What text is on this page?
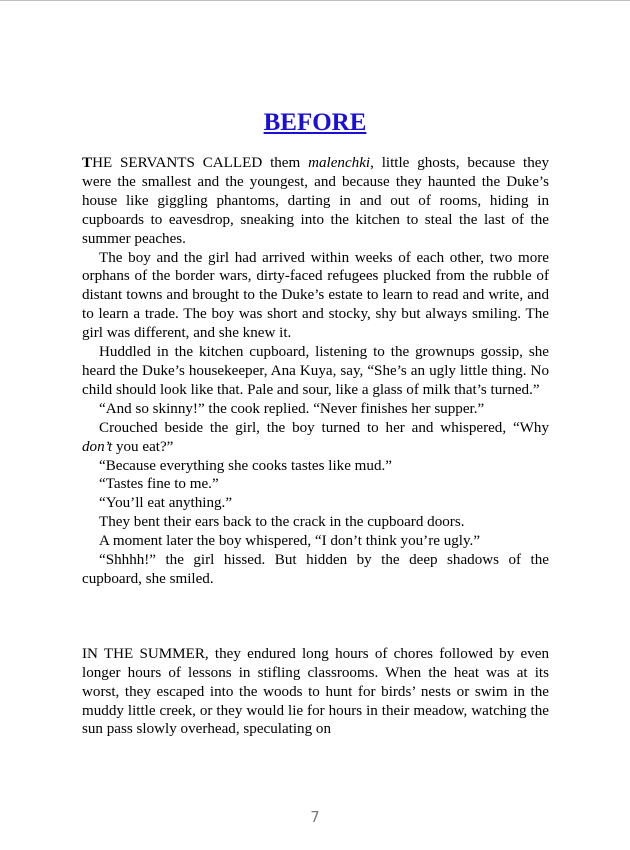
BEFORE

THE SERVANTS CALLED them malenchki, little ghosts, because they were the smallest and the youngest, and because they haunted the Duke’s house like giggling phantoms, darting in and out of rooms, hiding in cupboards to eavesdrop, sneaking into the kitchen to steal the last of the summer peaches.

The boy and the girl had arrived within weeks of each other, two more orphans of the border wars, dirty-faced refugees plucked from the rubble of distant towns and brought to the Duke’s estate to learn to read and write, and to learn a trade. The boy was short and stocky, shy but always smiling. The girl was different, and she knew it.

Huddled in the kitchen cupboard, listening to the grownups gossip, she heard the Duke’s housekeeper, Ana Kuya, say, “She’s an ugly little thing. No child should look like that. Pale and sour, like a glass of milk that’s turned.”

“And so skinny!” the cook replied. “Never finishes her supper.”

Crouched beside the girl, the boy turned to her and whispered, “Why don’t you eat?”

“Because everything she cooks tastes like mud.”

“Tastes fine to me.”

“You’ll eat anything.”

They bent their ears back to the crack in the cupboard doors.

A moment later the boy whispered, “I don’t think you’re ugly.”

“Shhhh!” the girl hissed. But hidden by the deep shadows of the cupboard, she smiled.

IN THE SUMMER, they endured long hours of chores followed by even longer hours of lessons in stifling classrooms. When the heat was at its worst, they escaped into the woods to hunt for birds’ nests or swim in the muddy little creek, or they would lie for hours in their meadow, watching the sun pass slowly overhead, speculating on

7
